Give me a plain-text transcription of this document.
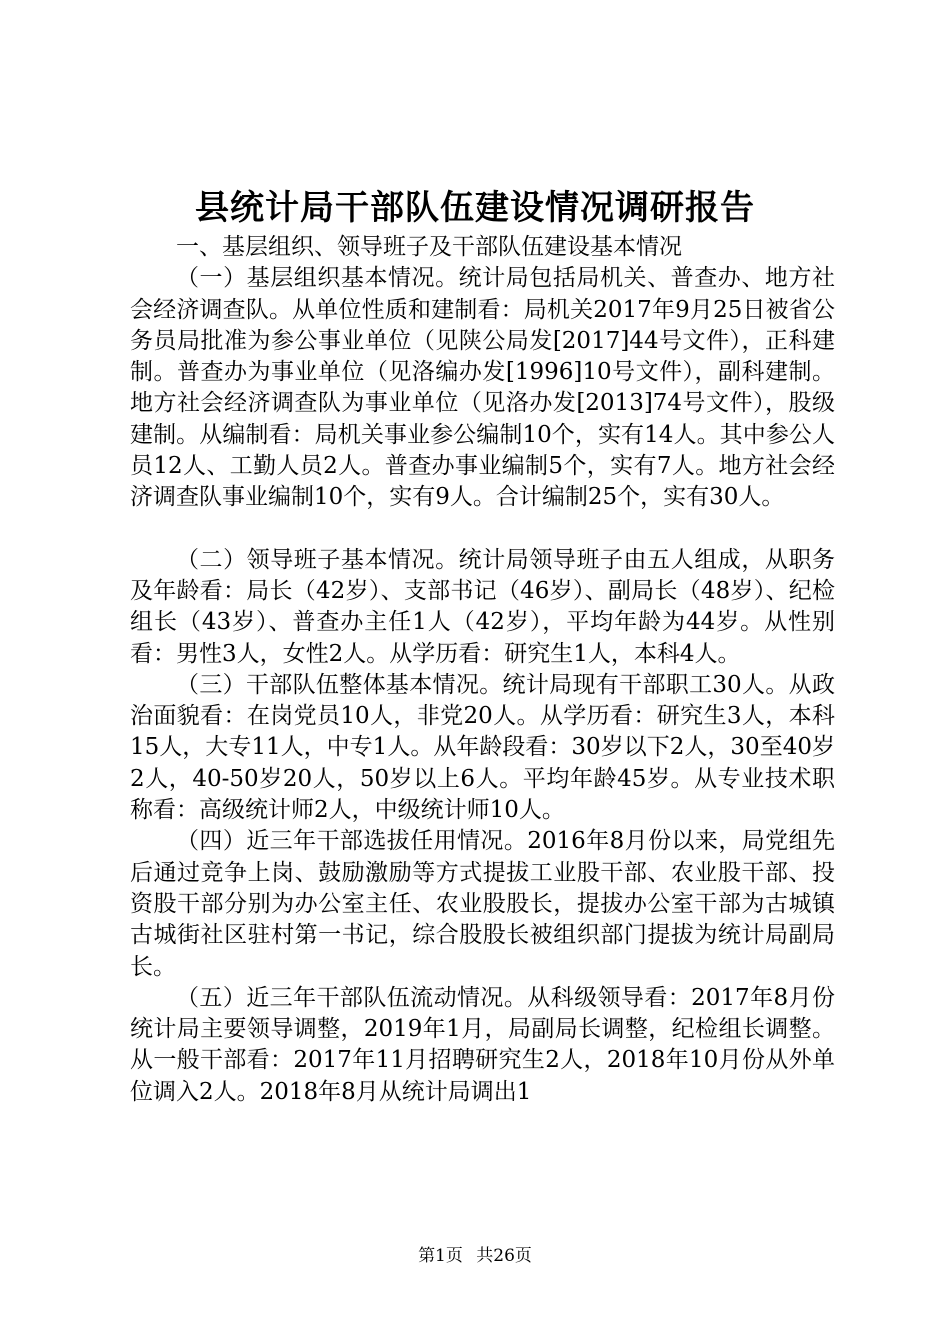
县统计局干部队伍建设情况调研报告

一、基层组织、领导班子及干部队伍建设基本情况

（一）基层组织基本情况。统计局包括局机关、普查办、地方社会经济调查队。从单位性质和建制看：局机关2017年9月25日被省公务员局批准为参公事业单位（见陕公局发[2017]44号文件），正科建制。普查办为事业单位（见洛编办发[1996]10号文件），副科建制。地方社会经济调查队为事业单位（见洛办发[2013]74号文件），股级建制。从编制看：局机关事业参公编制10个，实有14人。其中参公人员12人、工勤人员2人。普查办事业编制5个，实有7人。地方社会经济调查队事业编制10个，实有9人。合计编制25个，实有30人。

（二）领导班子基本情况。统计局领导班子由五人组成，从职务及年龄看：局长（42岁）、支部书记（46岁）、副局长（48岁）、纪检组长（43岁）、普查办主任1人（42岁），平均年龄为44岁。从性别看：男性3人，女性2人。从学历看：研究生1人，本科4人。

（三）干部队伍整体基本情况。统计局现有干部职工30人。从政治面貌看：在岗党员10人，非党20人。从学历看：研究生3人，本科15人，大专11人，中专1人。从年龄段看：30岁以下2人，30至40岁2人，40-50岁20人，50岁以上6人。平均年龄45岁。从专业技术职称看：高级统计师2人，中级统计师10人。

（四）近三年干部选拔任用情况。2016年8月份以来，局党组先后通过竞争上岗、鼓励激励等方式提拔工业股干部、农业股干部、投资股干部分别为办公室主任、农业股股长，提拔办公室干部为古城镇古城街社区驻村第一书记，综合股股长被组织部门提拔为统计局副局长。

（五）近三年干部队伍流动情况。从科级领导看：2017年8月份统计局主要领导调整，2019年1月，局副局长调整，纪检组长调整。从一般干部看：2017年11月招聘研究生2人，2018年10月份从外单位调入2人。2018年8月从统计局调出1

第1页 共26页
